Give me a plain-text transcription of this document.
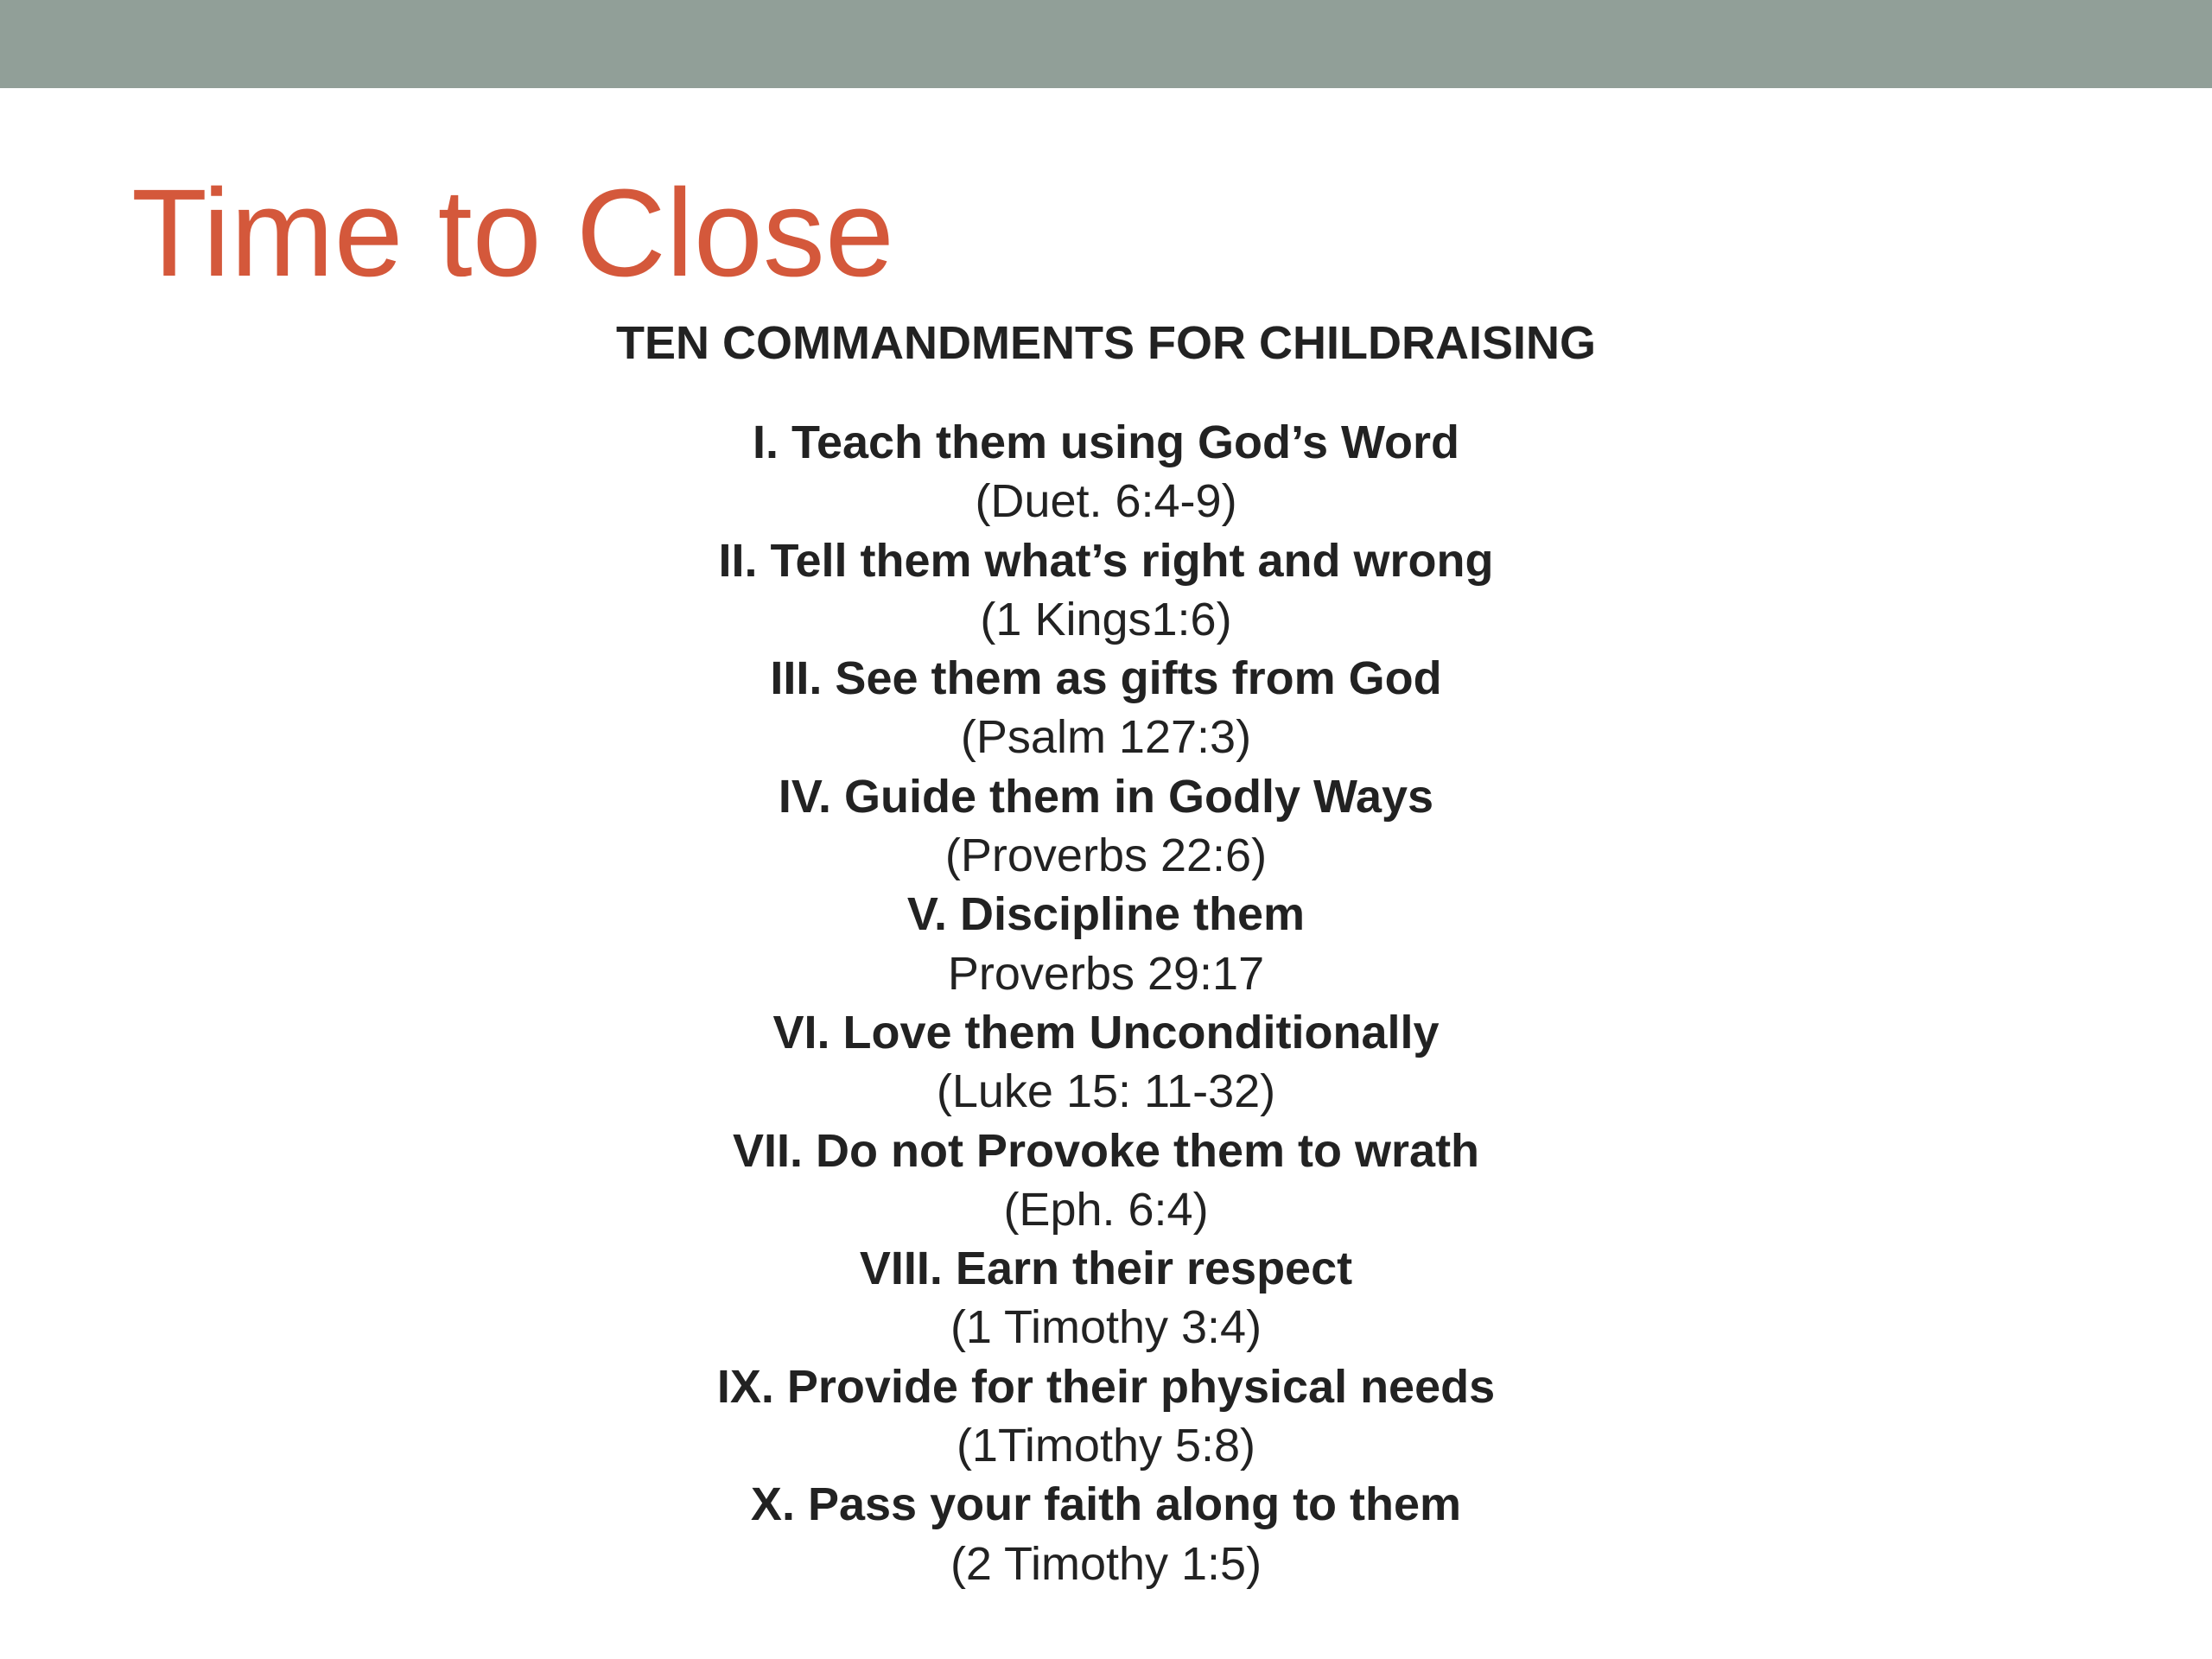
Time to Close
TEN COMMANDMENTS FOR CHILDRAISING
I. Teach them using God’s Word
(Duet. 6:4-9)
II. Tell them what’s right and wrong
(1 Kings1:6)
III. See them as gifts from God
(Psalm 127:3)
IV. Guide them in Godly Ways
(Proverbs 22:6)
V. Discipline them
Proverbs 29:17
VI. Love them Unconditionally
(Luke 15: 11-32)
VII. Do not Provoke them to wrath
(Eph. 6:4)
VIII. Earn their respect
(1 Timothy 3:4)
IX. Provide for their physical needs
(1Timothy 5:8)
X. Pass your faith along to them
(2 Timothy 1:5)
